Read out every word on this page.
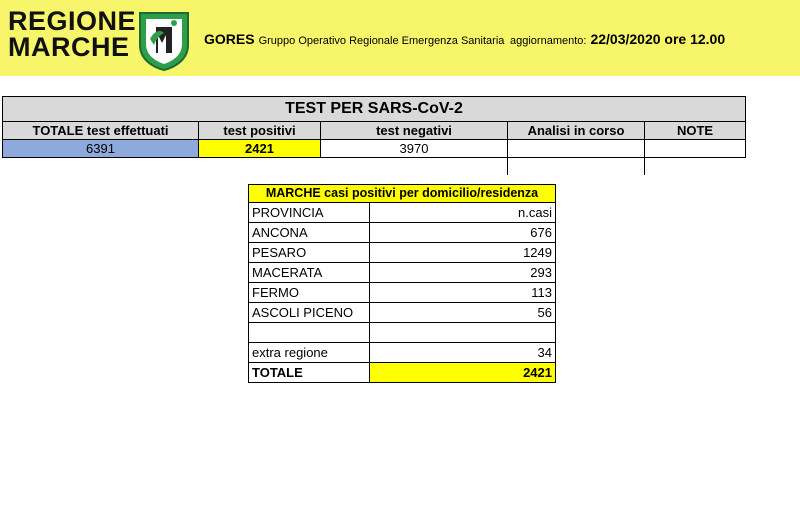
REGIONE
MARCHE	GORES Gruppo Operativo Regionale Emergenza Sanitaria aggiornamento: 22/03/2020 ore 12.00
TEST PER SARS-CoV-2
TOTALE test effettuati	test positivi	test negativi	Analisi in corso	NOTE
6391	2421	3970
MARCHE casi positivi per domicilio/residenza
PROVINCIA	n.casi
ANCONA	676
PESARO	1249
MACERATA	293
FERMO	113
ASCOLI PICENO	56
extra regione	34
TOTALE	2421
